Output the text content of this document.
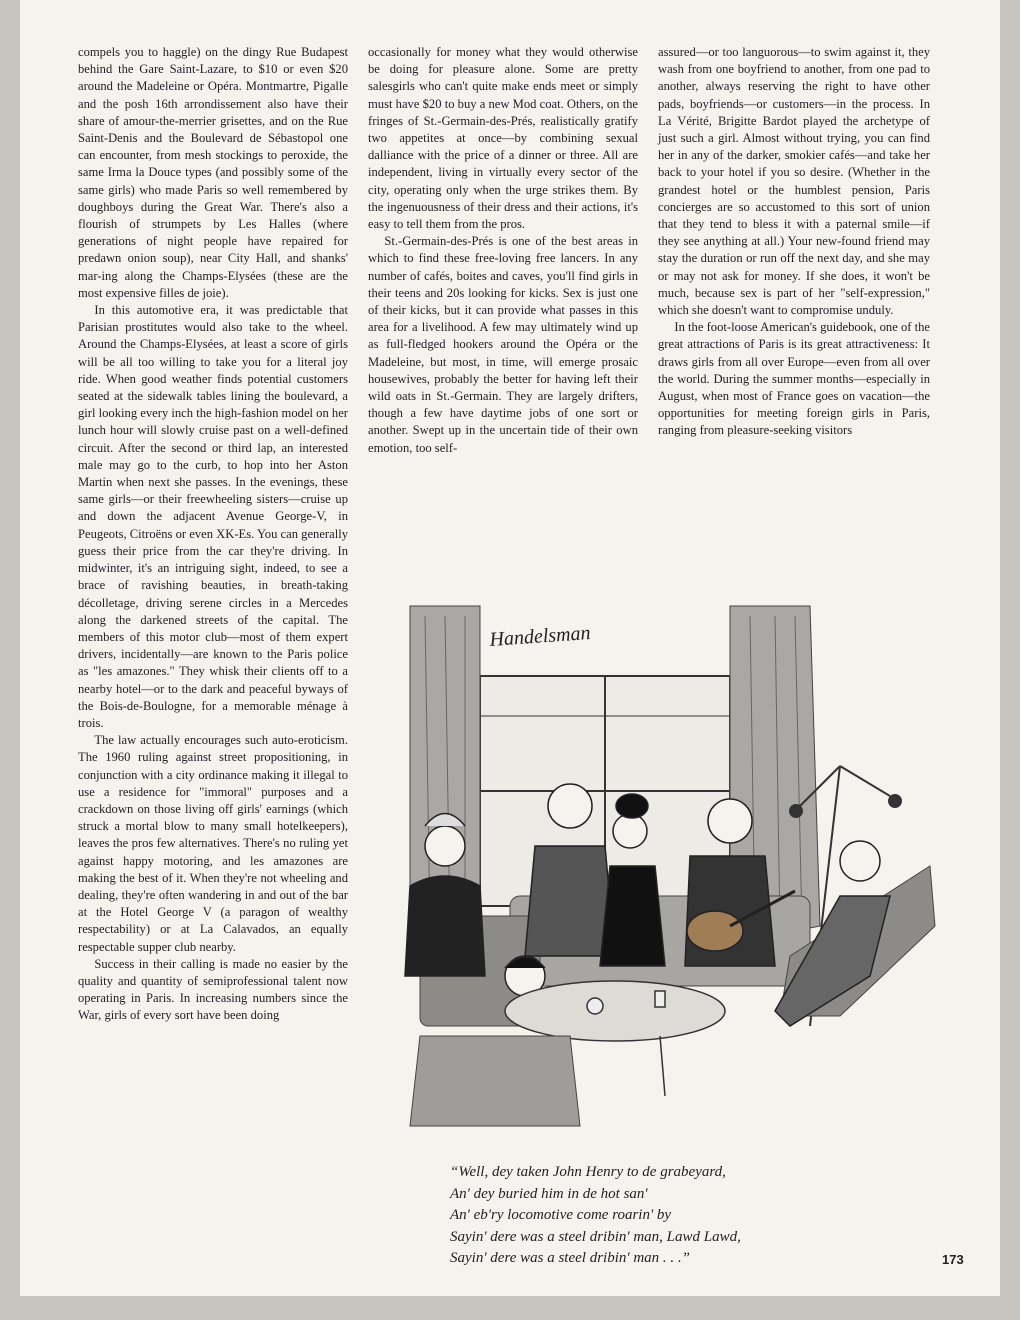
compels you to haggle) on the dingy Rue Budapest behind the Gare Saint-Lazare, to $10 or even $20 around the Madeleine or Opéra. Montmartre, Pigalle and the posh 16th arrondissement also have their share of amour-the-merrier grisettes, and on the Rue Saint-Denis and the Boulevard de Sébastopol one can encounter, from mesh stockings to peroxide, the same Irma la Douce types (and possibly some of the same girls) who made Paris so well remembered by doughboys during the Great War. There's also a flourish of strumpets by Les Halles (where generations of night people have repaired for predawn onion soup), near City Hall, and shanks' mar-ing along the Champs-Elysées (these are the most expensive filles de joie).

In this automotive era, it was predictable that Parisian prostitutes would also take to the wheel. Around the Champs-Elysées, at least a score of girls will be all too willing to take you for a literal joy ride. When good weather finds potential customers seated at the sidewalk tables lining the boulevard, a girl looking every inch the high-fashion model on her lunch hour will slowly cruise past on a well-defined circuit. After the second or third lap, an interested male may go to the curb, to hop into her Aston Martin when next she passes. In the evenings, these same girls—or their freewheeling sisters—cruise up and down the adjacent Avenue George-V, in Peugeots, Citroëns or even XK-Es. You can generally guess their price from the car they're driving. In midwinter, it's an intriguing sight, indeed, to see a brace of ravishing beauties, in breath-taking décolletage, driving serene circles in a Mercedes along the darkened streets of the capital. The members of this motor club—most of them expert drivers, incidentally—are known to the Paris police as "les amazones." They whisk their clients off to a nearby hotel—or to the dark and peaceful byways of the Bois-de-Boulogne, for a memorable ménage à trois.

The law actually encourages such auto-eroticism. The 1960 ruling against street propositioning, in conjunction with a city ordinance making it illegal to use a residence for "immoral" purposes and a crackdown on those living off girls' earnings (which struck a mortal blow to many small hotelkeepers), leaves the pros few alternatives. There's no ruling yet against happy motoring, and les amazones are making the best of it. When they're not wheeling and dealing, they're often wandering in and out of the bar at the Hotel George V (a paragon of wealthy respectability) or at La Calavados, an equally respectable supper club nearby.

Success in their calling is made no easier by the quality and quantity of semiprofessional talent now operating in Paris. In increasing numbers since the War, girls of every sort have been doing

occasionally for money what they would otherwise be doing for pleasure alone. Some are pretty salesgirls who can't quite make ends meet or simply must have $20 to buy a new Mod coat. Others, on the fringes of St.-Germain-des-Prés, realistically gratify two appetites at once—by combining sexual dalliance with the price of a dinner or three. All are independent, living in virtually every sector of the city, operating only when the urge strikes them. By the ingenuousness of their dress and their actions, it's easy to tell them from the pros.

St.-Germain-des-Prés is one of the best areas in which to find these free-loving free lancers. In any number of cafés, boites and caves, you'll find girls in their teens and 20s looking for kicks. Sex is just one of their kicks, but it can provide what passes in this area for a livelihood. A few may ultimately wind up as full-fledged hookers around the Opéra or the Madeleine, but most, in time, will emerge prosaic housewives, probably the better for having left their wild oats in St.-Germain. They are largely drifters, though a few have daytime jobs of one sort or another. Swept up in the uncertain tide of their own emotion, too self-

assured—or too languorous—to swim against it, they wash from one boyfriend to another, from one pad to another, always reserving the right to have other pads, boyfriends—or customers—in the process. In La Vérité, Brigitte Bardot played the archetype of just such a girl. Almost without trying, you can find her in any of the darker, smokier cafés—and take her back to your hotel if you so desire. (Whether in the grandest hotel or the humblest pension, Paris concierges are so accustomed to this sort of union that they tend to bless it with a paternal smile—if they see anything at all.) Your new-found friend may stay the duration or run off the next day, and she may or may not ask for money. If she does, it won't be much, because sex is part of her "self-expression," which she doesn't want to compromise unduly.

In the foot-loose American's guidebook, one of the great attractions of Paris is its great attractiveness: It draws girls from all over Europe—even from all over the world. During the summer months—especially in August, when most of France goes on vacation—the opportunities for meeting foreign girls in Paris, ranging from pleasure-seeking visitors

Handelsman
“Well, dey taken John Henry to de grabeyard,
An' dey buried him in de hot san'
An' eb'ry locomotive come roarin' by
Sayin' dere was a steel dribin' man, Lawd Lawd,
Sayin' dere was a steel dribin' man . . .”	173
